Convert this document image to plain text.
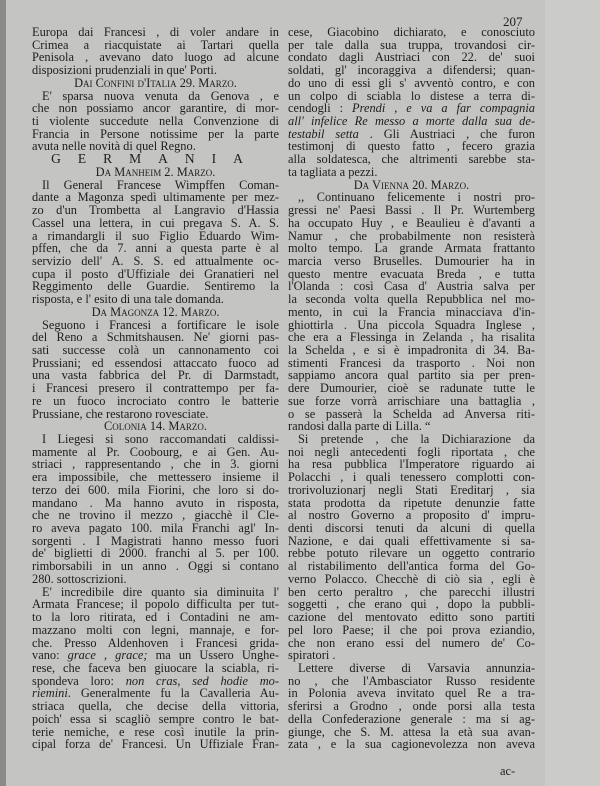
207
Europa dai Francesi , di voler andare in
Crimea a riacquistate ai Tartari quella
Penisola , avevano dato luogo ad alcune
disposizioni prudenziali in que' Porti.
Dai Confini d'Italia 29. Marzo.
E' sparsa nuova venuta da Genova , e
che non possiamo ancor garantire, di mor-
ti violente succedute nella Convenzione di
Francia in Persone notissime per la parte
avuta nelle novità di quel Regno.
GERMANIA
Da Manheim 2. Marzo.
Il General Francese Wimpffen Coman-
dante a Magonza spedì ultimamente per mez-
zo d'un Trombetta al Langravio d'Hassia
Cassel una lettera, in cui pregava S. A. S.
a rimandargli il suo Figlio Eduardo Wim-
pffen, che da 7. anni a questa parte è al
servizio dell' A. S. S. ed attualmente oc-
cupa il posto d'Uffiziale dei Granatieri nel
Reggimento delle Guardie. Sentiremo la
risposta, e l' esito di una tale domanda.
Da Magonza 12. Marzo.
Seguono i Francesi a fortificare le isole
del Reno a Schmitshausen. Ne' giorni pas-
sati successe colà un cannonamento coi
Prussiani; ed essendosi attaccato fuoco ad
una vasta fabbrica del Pr. di Darmstadt,
i Francesi presero il contrattempo per fa-
re un fuoco incrociato contro le batterie
Prussiane, che restarono rovesciate.
Colonia 14. Marzo.
I Liegesi si sono raccomandati caldissi-
mamente al Pr. Coobourg, e ai Gen. Au-
striaci , rappresentando , che in 3. giorni
era impossibile, che mettessero insieme il
terzo dei 600. mila Fiorini, che loro si do-
mandano . Ma hanno avuto in risposta,
che ne trovino il mezzo , giacchè il Cle-
ro aveva pagato 100. mila Franchi agl' In-
sorgenti . I Magistrati hanno messo fuori
de' biglietti di 2000. franchi al 5. per 100.
rimborsabili in un anno . Oggi si contano
280. sottoscrizioni.
E' incredibile dire quanto sia diminuita l'
Armata Francese; il popolo difficulta per tut-
to la loro ritirata, ed i Contadini ne am-
mazzano molti con legni, mannaje, e for-
che. Presso Aldenhoven i Francesi grida-
vano: grace , grace; ma un Ussero Unghe-
rese, che faceva ben giuocare la sciabla, ri-
spondeva loro: non cras, sed hodie mo-
riemini. Generalmente fu la Cavalleria Au-
striaca quella, che decise della vittoria,
poich' essa si scagliò sempre contro le bat-
terie nemiche, e rese così inutile la prin-
cipal forza de' Francesi. Un Uffiziale Fran-
cese, Giacobino dichiarato, e conosciuto
per tale dalla sua truppa, trovandosi cir-
condato dagli Austriaci con 22. de' suoi
soldati, gl' incoraggiva a difendersi; quan-
do uno di essi gli s' avventò contro, e con
un colpo di sciabla lo distese a terra di-
cendogli : Prendi , e va a far compagnia
all' infelice Re messo a morte dalla sua de-
testabil setta . Gli Austriaci , che furon
testimonj di questo fatto , fecero grazia
alla soldatesca, che altrimenti sarebbe sta-
ta tagliata a pezzi.
Da Vienna 20. Marzo.
,, Continuano felicemente i nostri pro-
gressi ne' Paesi Bassi . Il Pr. Wurtemberg
ha occupato Huy , e Beaulieu è d'avanti a
Namur , che probabilmente non resisterà
molto tempo. La grande Armata frattanto
marcia verso Bruselles. Dumourier ha in
questo mentre evacuata Breda , e tutta
l'Olanda : così Casa d' Austria salva per
la seconda volta quella Repubblica nel mo-
mento, in cui la Francia minacciava d'in-
ghiottirla . Una piccola Squadra Inglese ,
che era a Flessinga in Zelanda , ha risalita
la Schelda , e si è impadronita di 34. Ba-
stimenti Francesi da trasporto . Noi non
sappiamo ancora qual partito sia per pren-
dere Dumourier, cioè se radunate tutte le
sue forze vorrà arrischiare una battaglia ,
o se passerà la Schelda ad Anversa riti-
randosi dalla parte di Lilla. “
Si pretende , che la Dichiarazione da
noi negli antecedenti fogli riportata , che
ha resa pubblica l'Imperatore riguardo ai
Polacchi , i quali tenessero complotti con-
trorivoluzionarj negli Stati Ereditarj , sia
stata prodotta da ripetute denunzie fatte
al nostro Governo a proposito d' impru-
denti discorsi tenuti da alcuni di quella
Nazione, e dai quali effettivamente si sa-
rebbe potuto rilevare un oggetto contrario
al ristabilimento dell'antica forma del Go-
verno Polacco. Checchè di ciò sia , egli è
ben certo peraltro , che parecchi illustri
soggetti , che erano qui , dopo la pubbli-
cazione del mentovato editto sono partiti
pel loro Paese; il che poi prova eziandio,
che non erano essi del numero de' Co-
spiratori .
Lettere diverse di Varsavia annunzia-
no , che l'Ambasciator Russo residente
in Polonia aveva invitato quel Re a tra-
sferirsi a Grodno , onde porsi alla testa
della Confederazione generale : ma si ag-
giunge, che S. M. attesa la età sua avan-
zata , e la sua cagionevolezza non aveva
ac-
